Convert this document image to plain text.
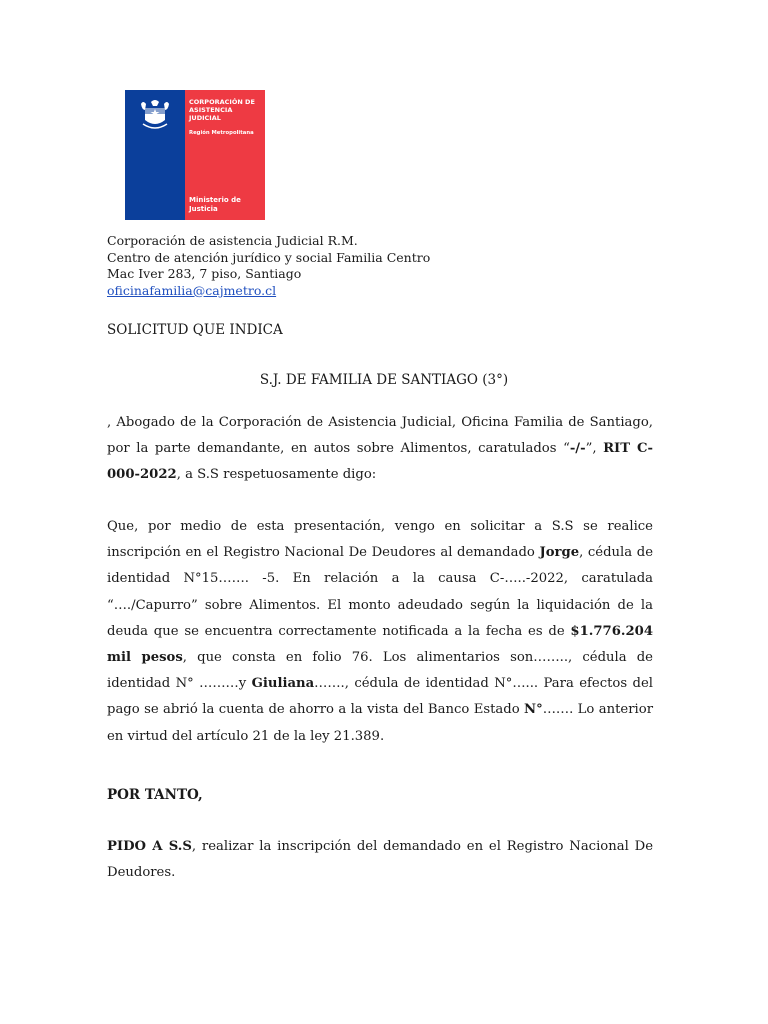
CORPORACIÓN DE
ASISTENCIA
JUDICIAL
Región Metropolitana
Ministerio de
Justicia
Corporación de asistencia Judicial R.M.
Centro de atención jurídico y social Familia Centro
Mac Iver 283, 7 piso, Santiago
oficinafamilia@cajmetro.cl
SOLICITUD QUE INDICA
S.J. DE FAMILIA DE SANTIAGO (3°)
, Abogado de la Corporación de Asistencia Judicial, Oficina Familia de Santiago, por la parte demandante, en autos sobre Alimentos, caratulados “-/-”, RIT C-000-2022, a S.S respetuosamente digo:
Que, por medio de esta presentación, vengo en solicitar a S.S se realice inscripción en el Registro Nacional De Deudores al demandado Jorge, cédula de identidad N°15……. -5. En relación a la causa C-…..-2022, caratulada “…./Capurro” sobre Alimentos. El monto adeudado según la liquidación de la deuda que se encuentra correctamente notificada a la fecha es de $1.776.204 mil pesos, que consta en folio 76. Los alimentarios son…….., cédula de identidad N° ………y Giuliana……., cédula de identidad N°…... Para efectos del pago se abrió la cuenta de ahorro a la vista del Banco Estado N°……. Lo anterior en virtud del artículo 21 de la ley 21.389.
POR TANTO,
PIDO A S.S, realizar la inscripción del demandado en el Registro Nacional De Deudores.
